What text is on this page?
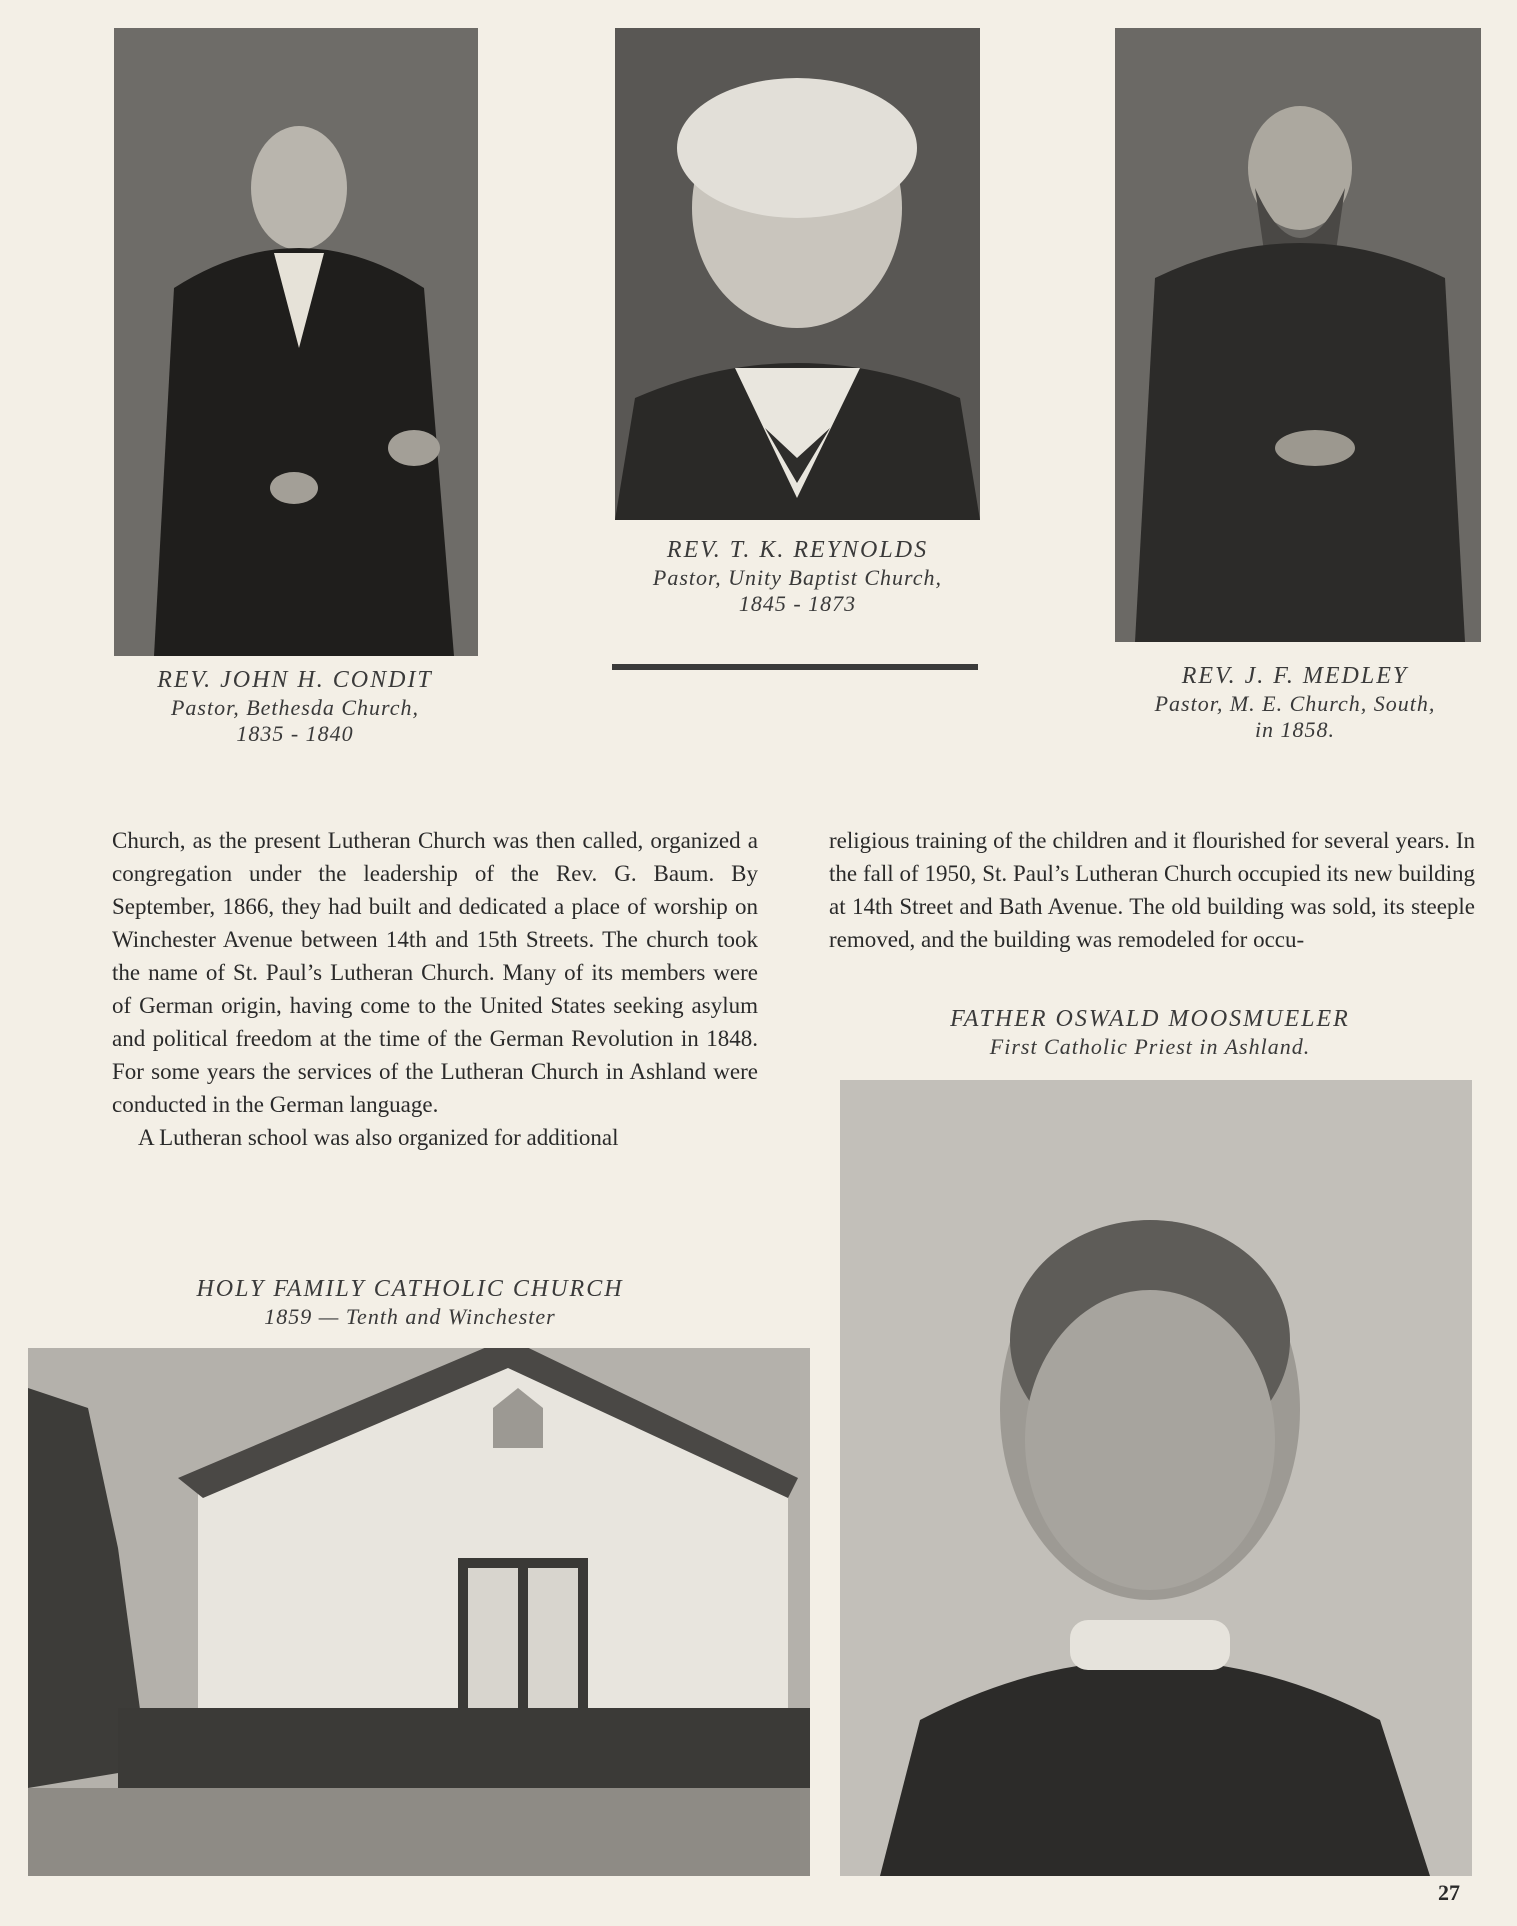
REV. JOHN H. CONDIT
Pastor, Bethesda Church,
1835 - 1840
REV. T. K. REYNOLDS
Pastor, Unity Baptist Church,
1845 - 1873
REV. J. F. MEDLEY
Pastor, M. E. Church, South,
in 1858.

Church, as the present Lutheran Church was then called, organized a congregation under the leadership of the Rev. G. Baum. By September, 1866, they had built and dedicated a place of worship on Winchester Avenue between 14th and 15th Streets. The church took the name of St. Paul’s Lutheran Church. Many of its members were of German origin, having come to the United States seeking asylum and political freedom at the time of the German Revolution in 1848. For some years the services of the Lutheran Church in Ashland were conducted in the German language.

A Lutheran school was also organized for additional

religious training of the children and it flourished for several years. In the fall of 1950, St. Paul’s Lutheran Church occupied its new building at 14th Street and Bath Avenue. The old building was sold, its steeple removed, and the building was remodeled for occu-

FATHER OSWALD MOOSMUELER
First Catholic Priest in Ashland.
HOLY FAMILY CATHOLIC CHURCH
1859 — Tenth and Winchester
27
